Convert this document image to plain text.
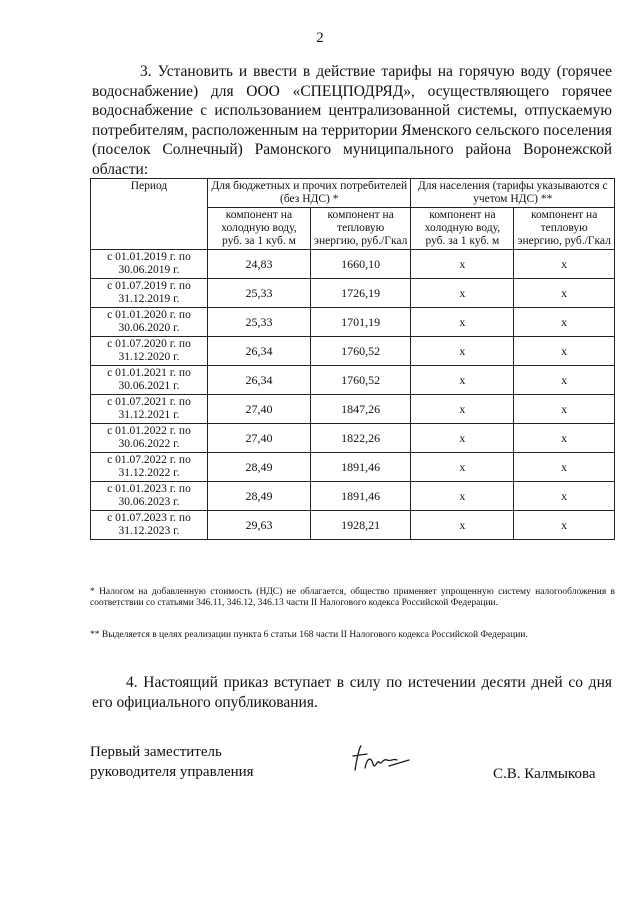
2
3. Установить и ввести в действие тарифы на горячую воду (горячее водоснабжение) для ООО «СПЕЦПОДРЯД», осуществляющего горячее водоснабжение с использованием централизованной системы, отпускаемую потребителям, расположенным на территории Яменского сельского поселения (поселок Солнечный) Рамонского муниципального района Воронежской области:
Период	Для бюджетных и прочих потребителей (без НДС) *		Для населения (тарифы указываются с учетом НДС) **	
	компонент на холодную воду, руб. за 1 куб. м	компонент на тепловую энергию, руб./Гкал	компонент на холодную воду, руб. за 1 куб. м	компонент на тепловую энергию, руб./Гкал
с 01.01.2019 г. по 30.06.2019 г.	24,83	1660,10	х	х
с 01.07.2019 г. по 31.12.2019 г.	25,33	1726,19	х	х
с 01.01.2020 г. по 30.06.2020 г.	25,33	1701,19	х	х
с 01.07.2020 г. по 31.12.2020 г.	26,34	1760,52	х	х
с 01.01.2021 г. по 30.06.2021 г.	26,34	1760,52	х	х
с 01.07.2021 г. по 31.12.2021 г.	27,40	1847,26	х	х
с 01.01.2022 г. по 30.06.2022 г.	27,40	1822,26	х	х
с 01.07.2022 г. по 31.12.2022 г.	28,49	1891,46	х	х
с 01.01.2023 г. по 30.06.2023 г.	28,49	1891,46	х	х
с 01.07.2023 г. по 31.12.2023 г.	29,63	1928,21	х	х
* Налогом на добавленную стоимость (НДС) не облагается, общество применяет упрощенную систему налогообложения в соответствии со статьями 346.11, 346.12, 346.13 части II Налогового кодекса Российской Федерации.
** Выделяется в целях реализации пункта 6 статьи 168 части II Налогового кодекса Российской Федерации.
4. Настоящий приказ вступает в силу по истечении десяти дней со дня его официального опубликования.
Первый заместитель
руководителя управления	С.В. Калмыкова
